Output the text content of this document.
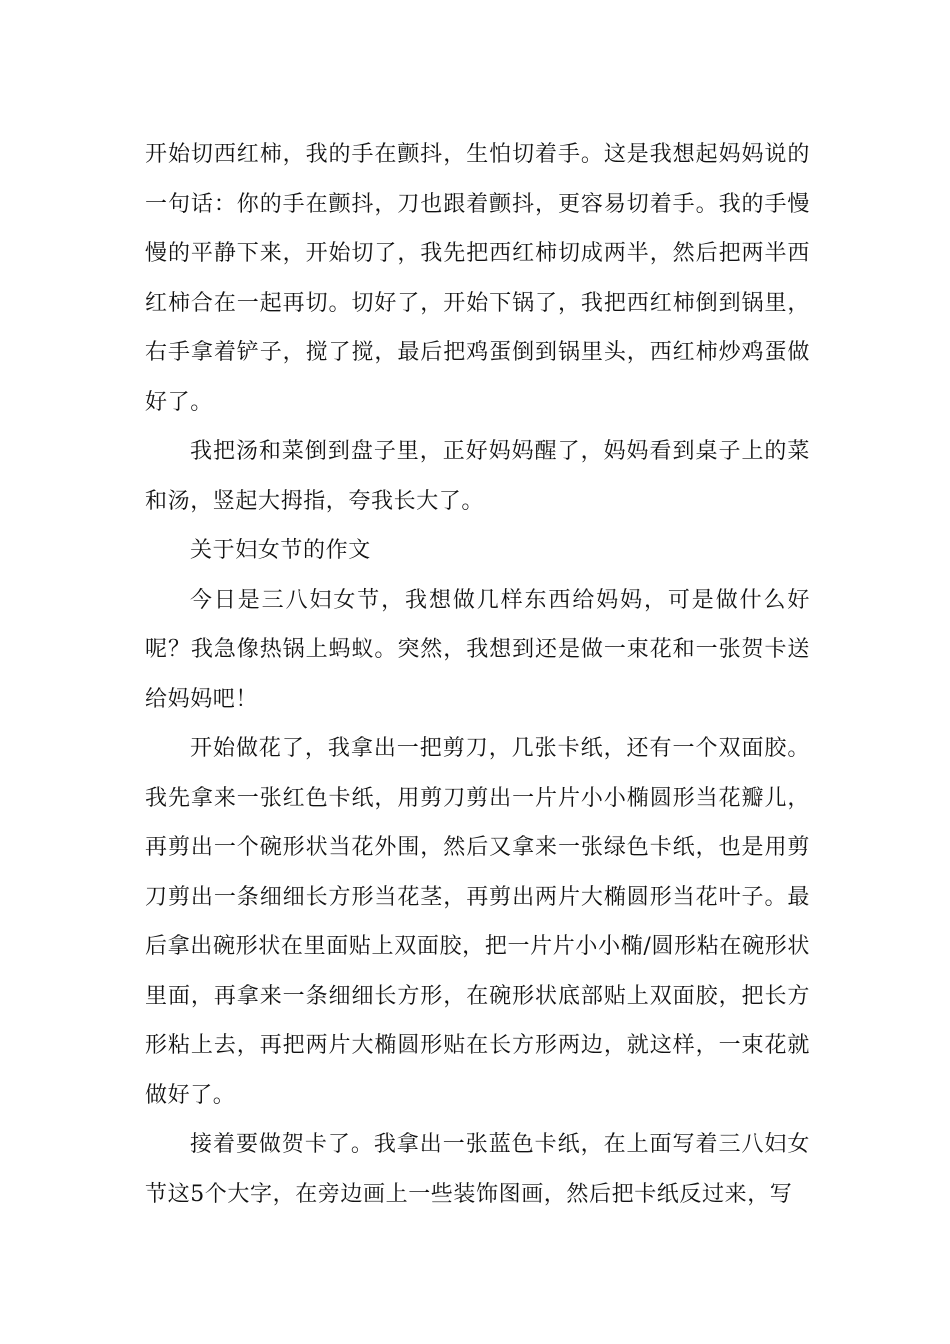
开始切西红柿，我的手在颤抖，生怕切着手。这是我想起妈妈说的一句话：你的手在颤抖，刀也跟着颤抖，更容易切着手。我的手慢慢的平静下来，开始切了，我先把西红柿切成两半，然后把两半西红柿合在一起再切。切好了，开始下锅了，我把西红柿倒到锅里，右手拿着铲子，搅了搅，最后把鸡蛋倒到锅里头，西红柿炒鸡蛋做好了。

我把汤和菜倒到盘子里，正好妈妈醒了，妈妈看到桌子上的菜和汤，竖起大拇指，夸我长大了。

关于妇女节的作文

今日是三八妇女节，我想做几样东西给妈妈，可是做什么好呢？我急像热锅上蚂蚁。突然，我想到还是做一束花和一张贺卡送给妈妈吧！

开始做花了，我拿出一把剪刀，几张卡纸，还有一个双面胶。我先拿来一张红色卡纸，用剪刀剪出一片片小小椭圆形当花瓣儿，再剪出一个碗形状当花外围，然后又拿来一张绿色卡纸，也是用剪刀剪出一条细细长方形当花茎，再剪出两片大椭圆形当花叶子。最后拿出碗形状在里面贴上双面胶，把一片片小小椭/圆形粘在碗形状里面，再拿来一条细细长方形，在碗形状底部贴上双面胶，把长方形粘上去，再把两片大椭圆形贴在长方形两边，就这样，一束花就做好了。

接着要做贺卡了。我拿出一张蓝色卡纸，在上面写着三八妇女节这5个大字，在旁边画上一些装饰图画，然后把卡纸反过来，写
